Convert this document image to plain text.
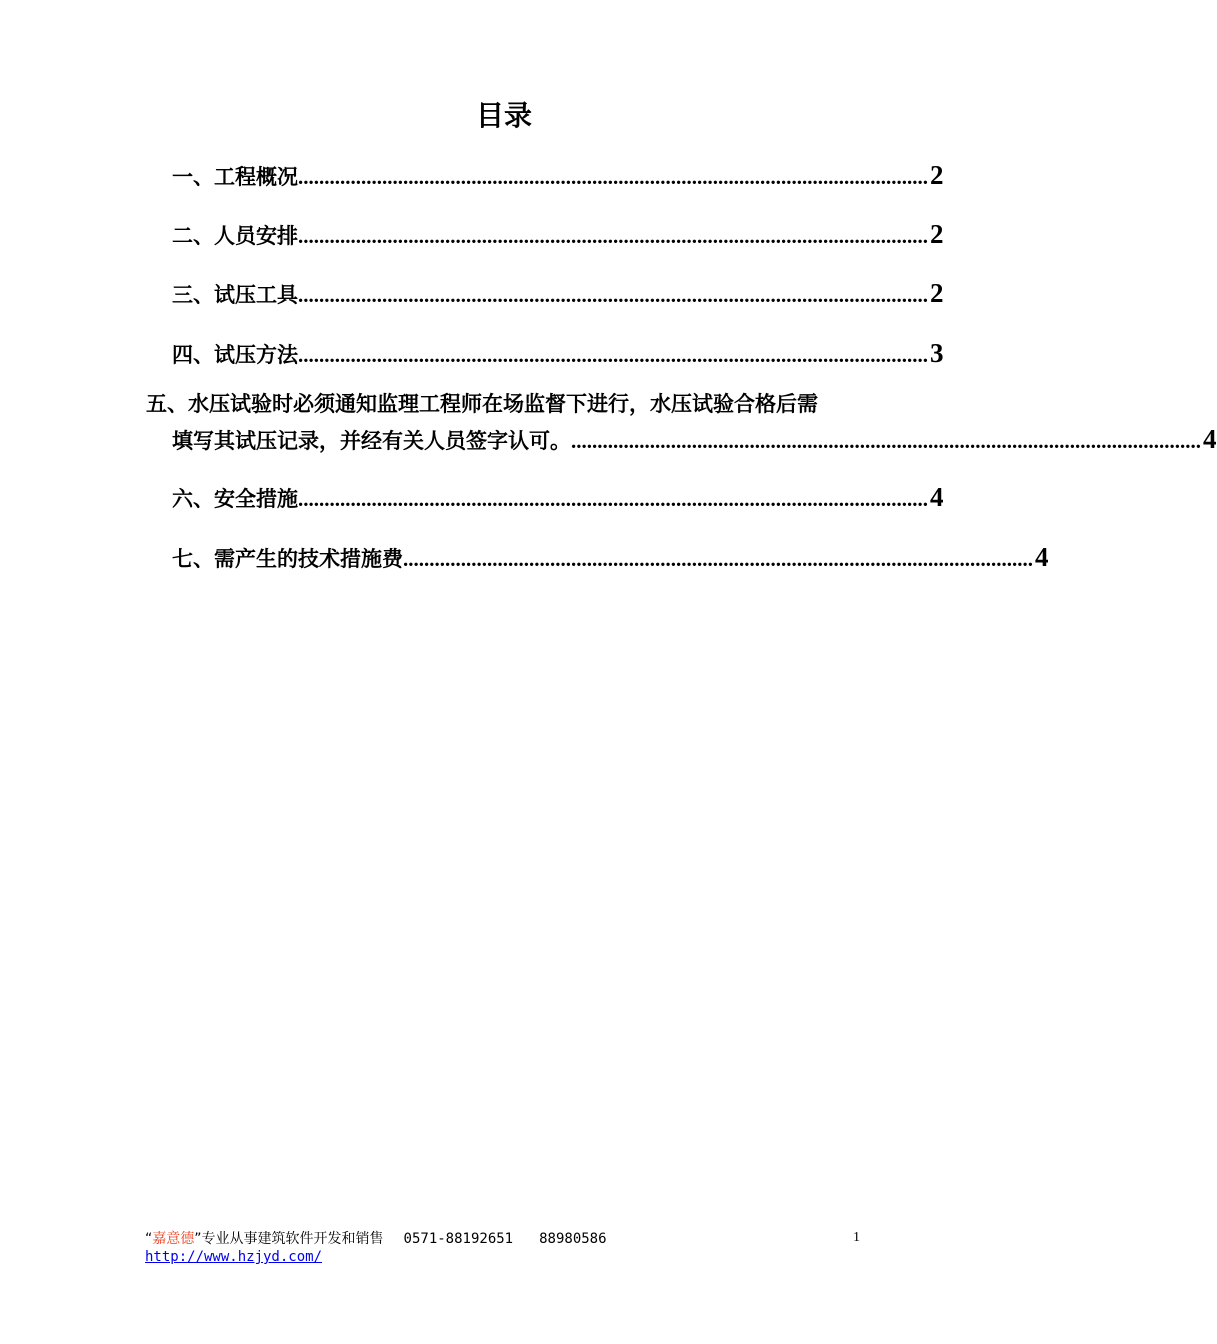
目录
一、工程概况 ........................................................................................................................ 2
二、人员安排 ........................................................................................................................ 2
三、试压工具 ........................................................................................................................ 2
四、试压方法 ........................................................................................................................ 3
五、水压试验时必须通知监理工程师在场监督下进行，水压试验合格后需
填写其试压记录，并经有关人员签字认可。 ........................................................................................................................ 4
六、安全措施 ........................................................................................................................ 4
七、需产生的技术措施费 ........................................................................................................................ 4
“嘉意德”专业从事建筑软件开发和销售 0571-88192651 88980586
http://www.hzjyd.com/
1
